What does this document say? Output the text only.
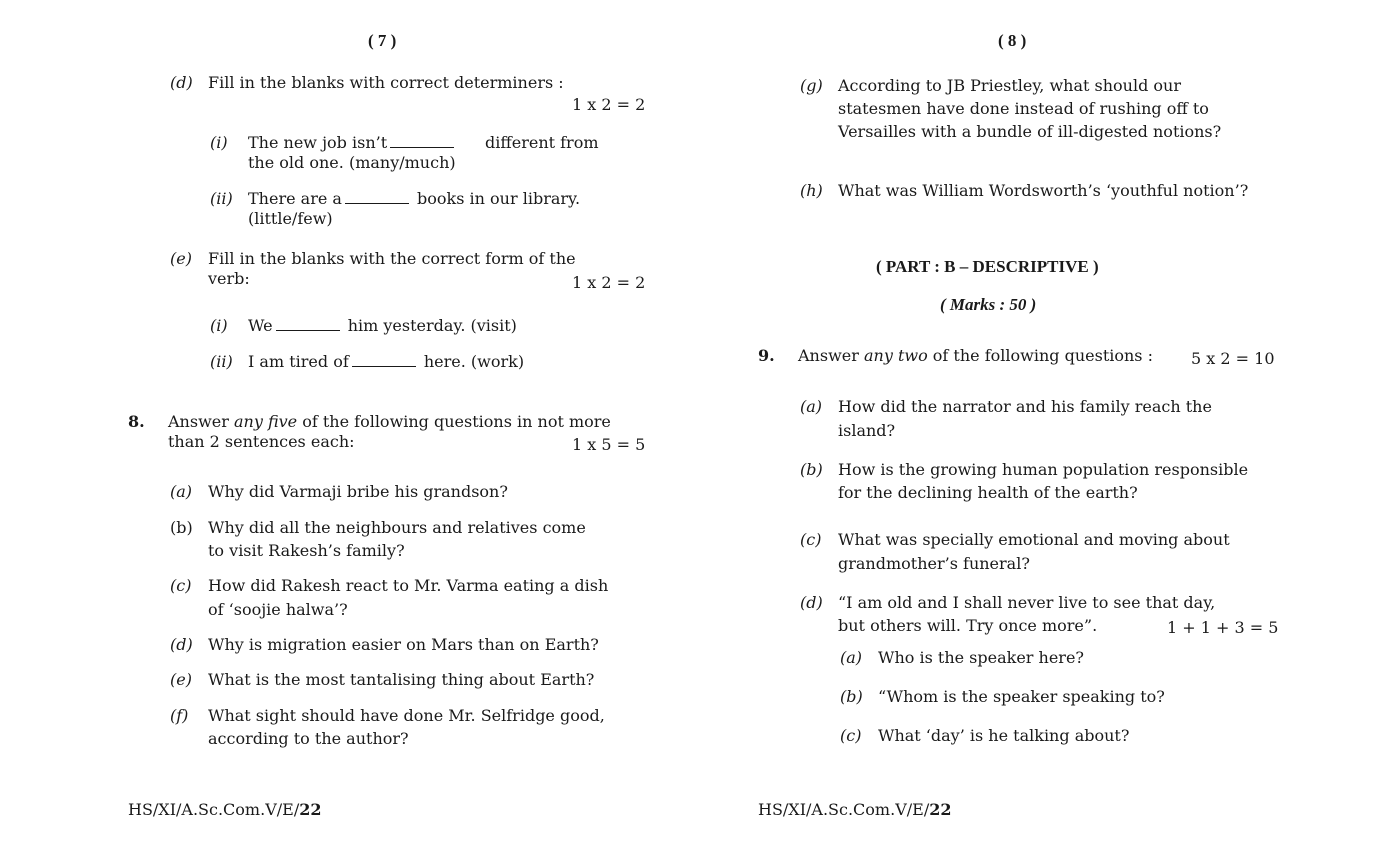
( 7 )
(d) Fill in the blanks with correct determiners :
1 x 2 = 2
(i) The new job isn’t	different from
the old one. (many/much)
(ii) There are a	books in our library.
(little/few)
(e) Fill in the blanks with the correct form of the
verb:	1 x 2 = 2
(i) We	him yesterday. (visit)
(ii) I am tired of	here. (work)
8. Answer any five of the following questions in not more
than 2 sentences each:	1 x 5 = 5
(a) Why did Varmaji bribe his grandson?
(b) Why did all the neighbours and relatives come
to visit Rakesh’s family?
(c) How did Rakesh react to Mr. Varma eating a dish
of ‘soojie halwa’?
(d) Why is migration easier on Mars than on Earth?
(e) What is the most tantalising thing about Earth?
(f) What sight should have done Mr. Selfridge good,
according to the author?
HS/XI/A.Sc.Com.V/E/22
( 8 )
(g) According to JB Priestley, what should our
statesmen have done instead of rushing off to
Versailles with a bundle of ill-digested notions?
(h) What was William Wordsworth’s ‘youthful notion’?
( PART : B – DESCRIPTIVE )
( Marks : 50 )
9. Answer any two of the following questions : 5 x 2 = 10
(a) How did the narrator and his family reach the
island?
(b) How is the growing human population responsible
for the declining health of the earth?
(c) What was specially emotional and moving about
grandmother’s funeral?
(d) “I am old and I shall never live to see that day,
but others will. Try once more”.	1 + 1 + 3 = 5
(a) Who is the speaker here?
(b) “Whom is the speaker speaking to?
(c) What ‘day’ is he talking about?
HS/XI/A.Sc.Com.V/E/22
